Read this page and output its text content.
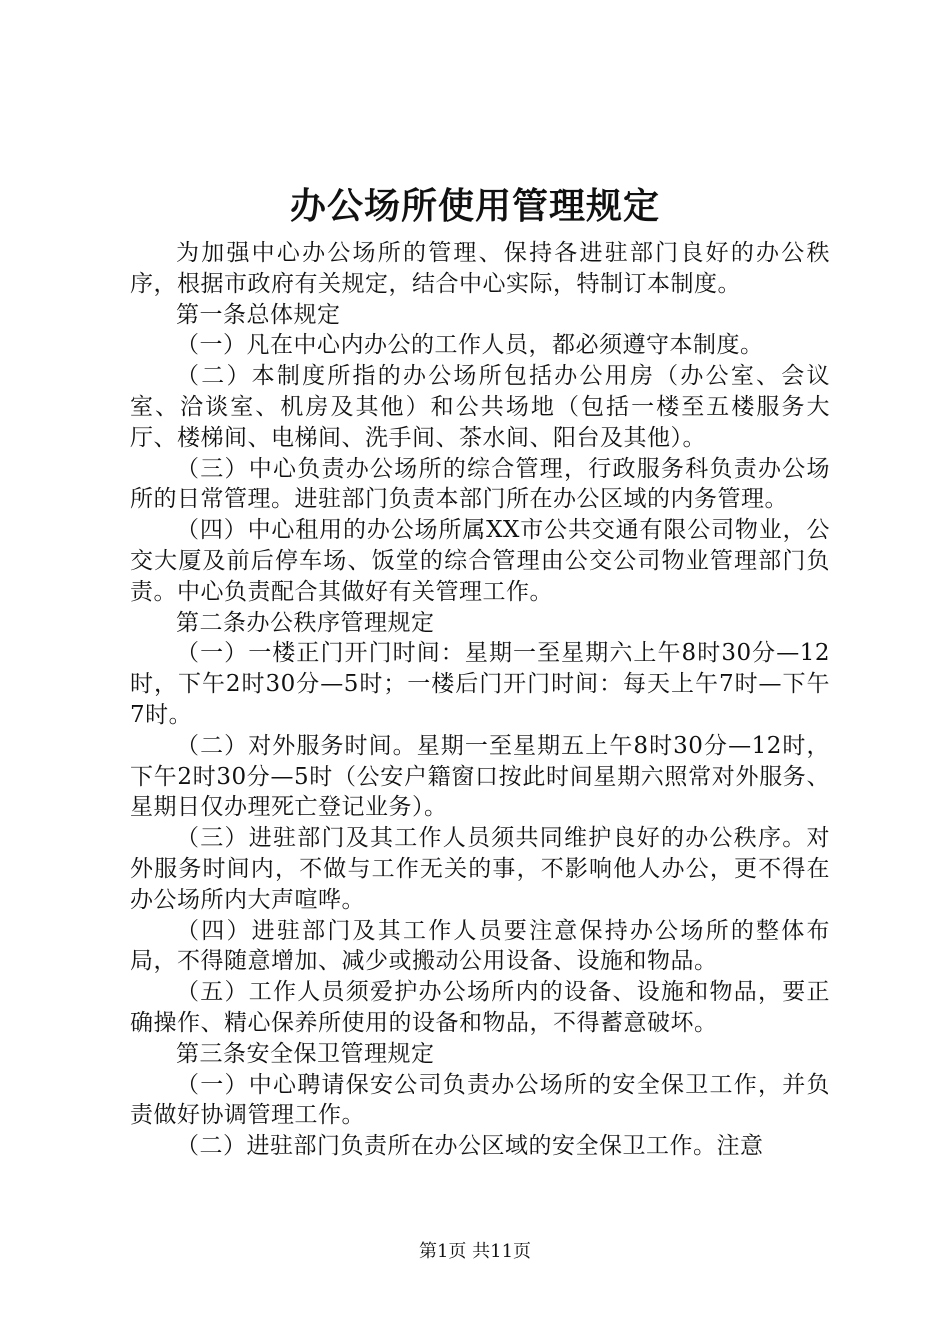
办公场所使用管理规定

为加强中心办公场所的管理、保持各进驻部门良好的办公秩序，根据市政府有关规定，结合中心实际，特制订本制度。

第一条总体规定

（一）凡在中心内办公的工作人员，都必须遵守本制度。

（二）本制度所指的办公场所包括办公用房（办公室、会议室、洽谈室、机房及其他）和公共场地（包括一楼至五楼服务大厅、楼梯间、电梯间、洗手间、茶水间、阳台及其他）。

（三）中心负责办公场所的综合管理，行政服务科负责办公场所的日常管理。进驻部门负责本部门所在办公区域的内务管理。

（四）中心租用的办公场所属XX市公共交通有限公司物业，公交大厦及前后停车场、饭堂的综合管理由公交公司物业管理部门负责。中心负责配合其做好有关管理工作。

第二条办公秩序管理规定

（一）一楼正门开门时间：星期一至星期六上午8时30分—12时，下午2时30分—5时；一楼后门开门时间：每天上午7时—下午7时。

（二）对外服务时间。星期一至星期五上午8时30分—12时，下午2时30分—5时（公安户籍窗口按此时间星期六照常对外服务、星期日仅办理死亡登记业务）。

（三）进驻部门及其工作人员须共同维护良好的办公秩序。对外服务时间内，不做与工作无关的事，不影响他人办公，更不得在办公场所内大声喧哗。

（四）进驻部门及其工作人员要注意保持办公场所的整体布局，不得随意增加、减少或搬动公用设备、设施和物品。

（五）工作人员须爱护办公场所内的设备、设施和物品，要正确操作、精心保养所使用的设备和物品，不得蓄意破坏。

第三条安全保卫管理规定

（一）中心聘请保安公司负责办公场所的安全保卫工作，并负责做好协调管理工作。

（二）进驻部门负责所在办公区域的安全保卫工作。注意

第1页 共11页
